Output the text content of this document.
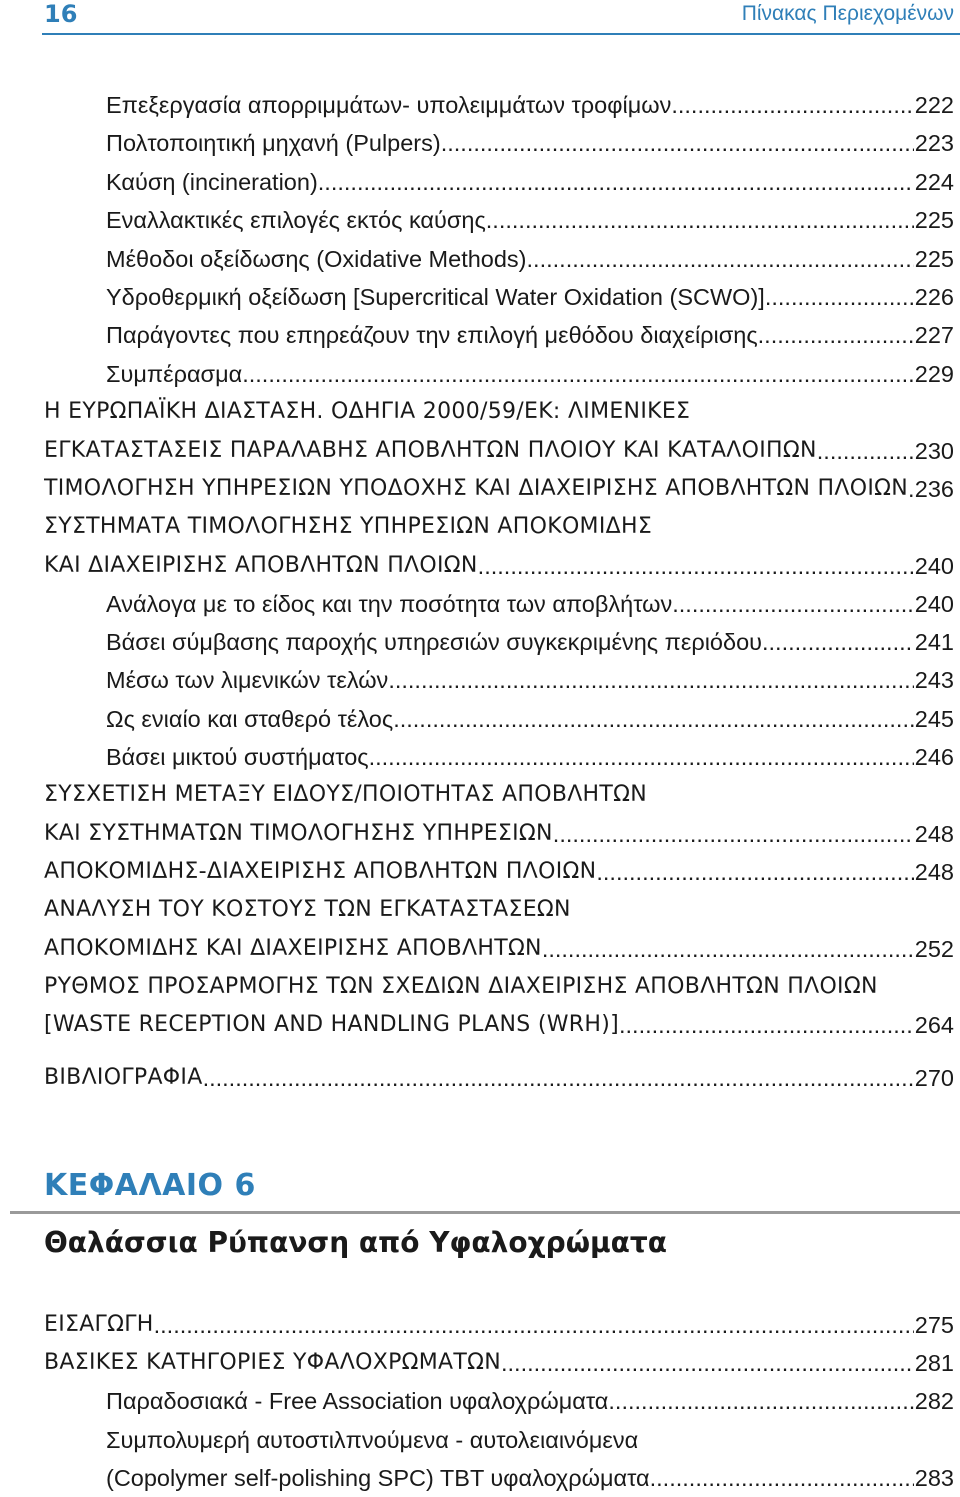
16	Πίνακας Περιεχομένων
Επεξεργασία απορριμμάτων- υπολειμμάτων τροφίμων .....	222
Πολτοποιητική μηχανή (Pulpers) .....	223
Καύση (incineration) .....	224
Εναλλακτικές επιλογές εκτός καύσης .....	225
Μέθοδοι οξείδωσης (Oxidative Methods) .....	225
Υδροθερμική οξείδωση [Supercritical Water Oxidation (SCWO)] .....	226
Παράγοντες που επηρεάζουν την επιλογή μεθόδου διαχείρισης .....	227
Συμπέρασμα .....	229
Η ΕΥΡΩΠΑΪΚΗ ΔΙΑΣΤΑΣΗ. ΟΔΗΓΙΑ 2000/59/ΕΚ: ΛΙΜΕΝΙΚΕΣ
ΕΓΚΑΤΑΣΤΑΣΕΙΣ ΠΑΡΑΛΑΒΗΣ ΑΠΟΒΛΗΤΩΝ ΠΛΟΙΟΥ ΚΑΙ ΚΑΤΑΛΟΙΠΩΝ .....	230
ΤΙΜΟΛΟΓΗΣΗ ΥΠΗΡΕΣΙΩΝ ΥΠΟΔΟΧΗΣ ΚΑΙ ΔΙΑΧΕΙΡΙΣΗΣ ΑΠΟΒΛΗΤΩΝ ΠΛΟΙΩΝ ..... 236
ΣΥΣΤΗΜΑΤΑ ΤΙΜΟΛΟΓΗΣΗΣ ΥΠΗΡΕΣΙΩΝ ΑΠΟΚΟΜΙΔΗΣ
ΚΑΙ ΔΙΑΧΕΙΡΙΣΗΣ ΑΠΟΒΛΗΤΩΝ ΠΛΟΙΩΝ .....	240
Ανάλογα με το είδος και την ποσότητα των αποβλήτων .....	240
Βάσει σύμβασης παροχής υπηρεσιών συγκεκριμένης περιόδου .....	241
Μέσω των λιμενικών τελών .....	243
Ως ενιαίο και σταθερό τέλος .....	245
Βάσει μικτού συστήματος .....	246
ΣΥΣΧΕΤΙΣΗ ΜΕΤΑΞΥ ΕΙΔΟΥΣ/ΠΟΙΟΤΗΤΑΣ ΑΠΟΒΛΗΤΩΝ
ΚΑΙ ΣΥΣΤΗΜΑΤΩΝ ΤΙΜΟΛΟΓΗΣΗΣ ΥΠΗΡΕΣΙΩΝ .....	248
ΑΠΟΚΟΜΙΔΗΣ-ΔΙΑΧΕΙΡΙΣΗΣ ΑΠΟΒΛΗΤΩΝ ΠΛΟΙΩΝ .....	248
ΑΝΑΛΥΣΗ ΤΟΥ ΚΟΣΤΟΥΣ ΤΩΝ ΕΓΚΑΤΑΣΤΑΣΕΩΝ
ΑΠΟΚΟΜΙΔΗΣ ΚΑΙ ΔΙΑΧΕΙΡΙΣΗΣ ΑΠΟΒΛΗΤΩΝ .....	252
ΡΥΘΜΟΣ ΠΡΟΣΑΡΜΟΓΗΣ ΤΩΝ ΣΧΕΔΙΩΝ ΔΙΑΧΕΙΡΙΣΗΣ ΑΠΟΒΛΗΤΩΝ ΠΛΟΙΩΝ
[WASTE RECEPTION AND HANDLING PLANS (WRH)] .....	264
ΒΙΒΛΙΟΓΡΑΦΙΑ .....	270
ΚΕΦΑΛΑΙΟ 6
Θαλάσσια Ρύπανση από Υφαλοχρώματα
ΕΙΣΑΓΩΓΗ .....	275
ΒΑΣΙΚΕΣ ΚΑΤΗΓΟΡΙΕΣ ΥΦΑΛΟΧΡΩΜΑΤΩΝ .....	281
Παραδοσιακά - Free Association υφαλοχρώματα .....	282
Συμπολυμερή αυτοστιλπνούμενα - αυτολειαινόμενα
(Copolymer self-polishing SPC) TBT υφαλοχρώματα .....	283
